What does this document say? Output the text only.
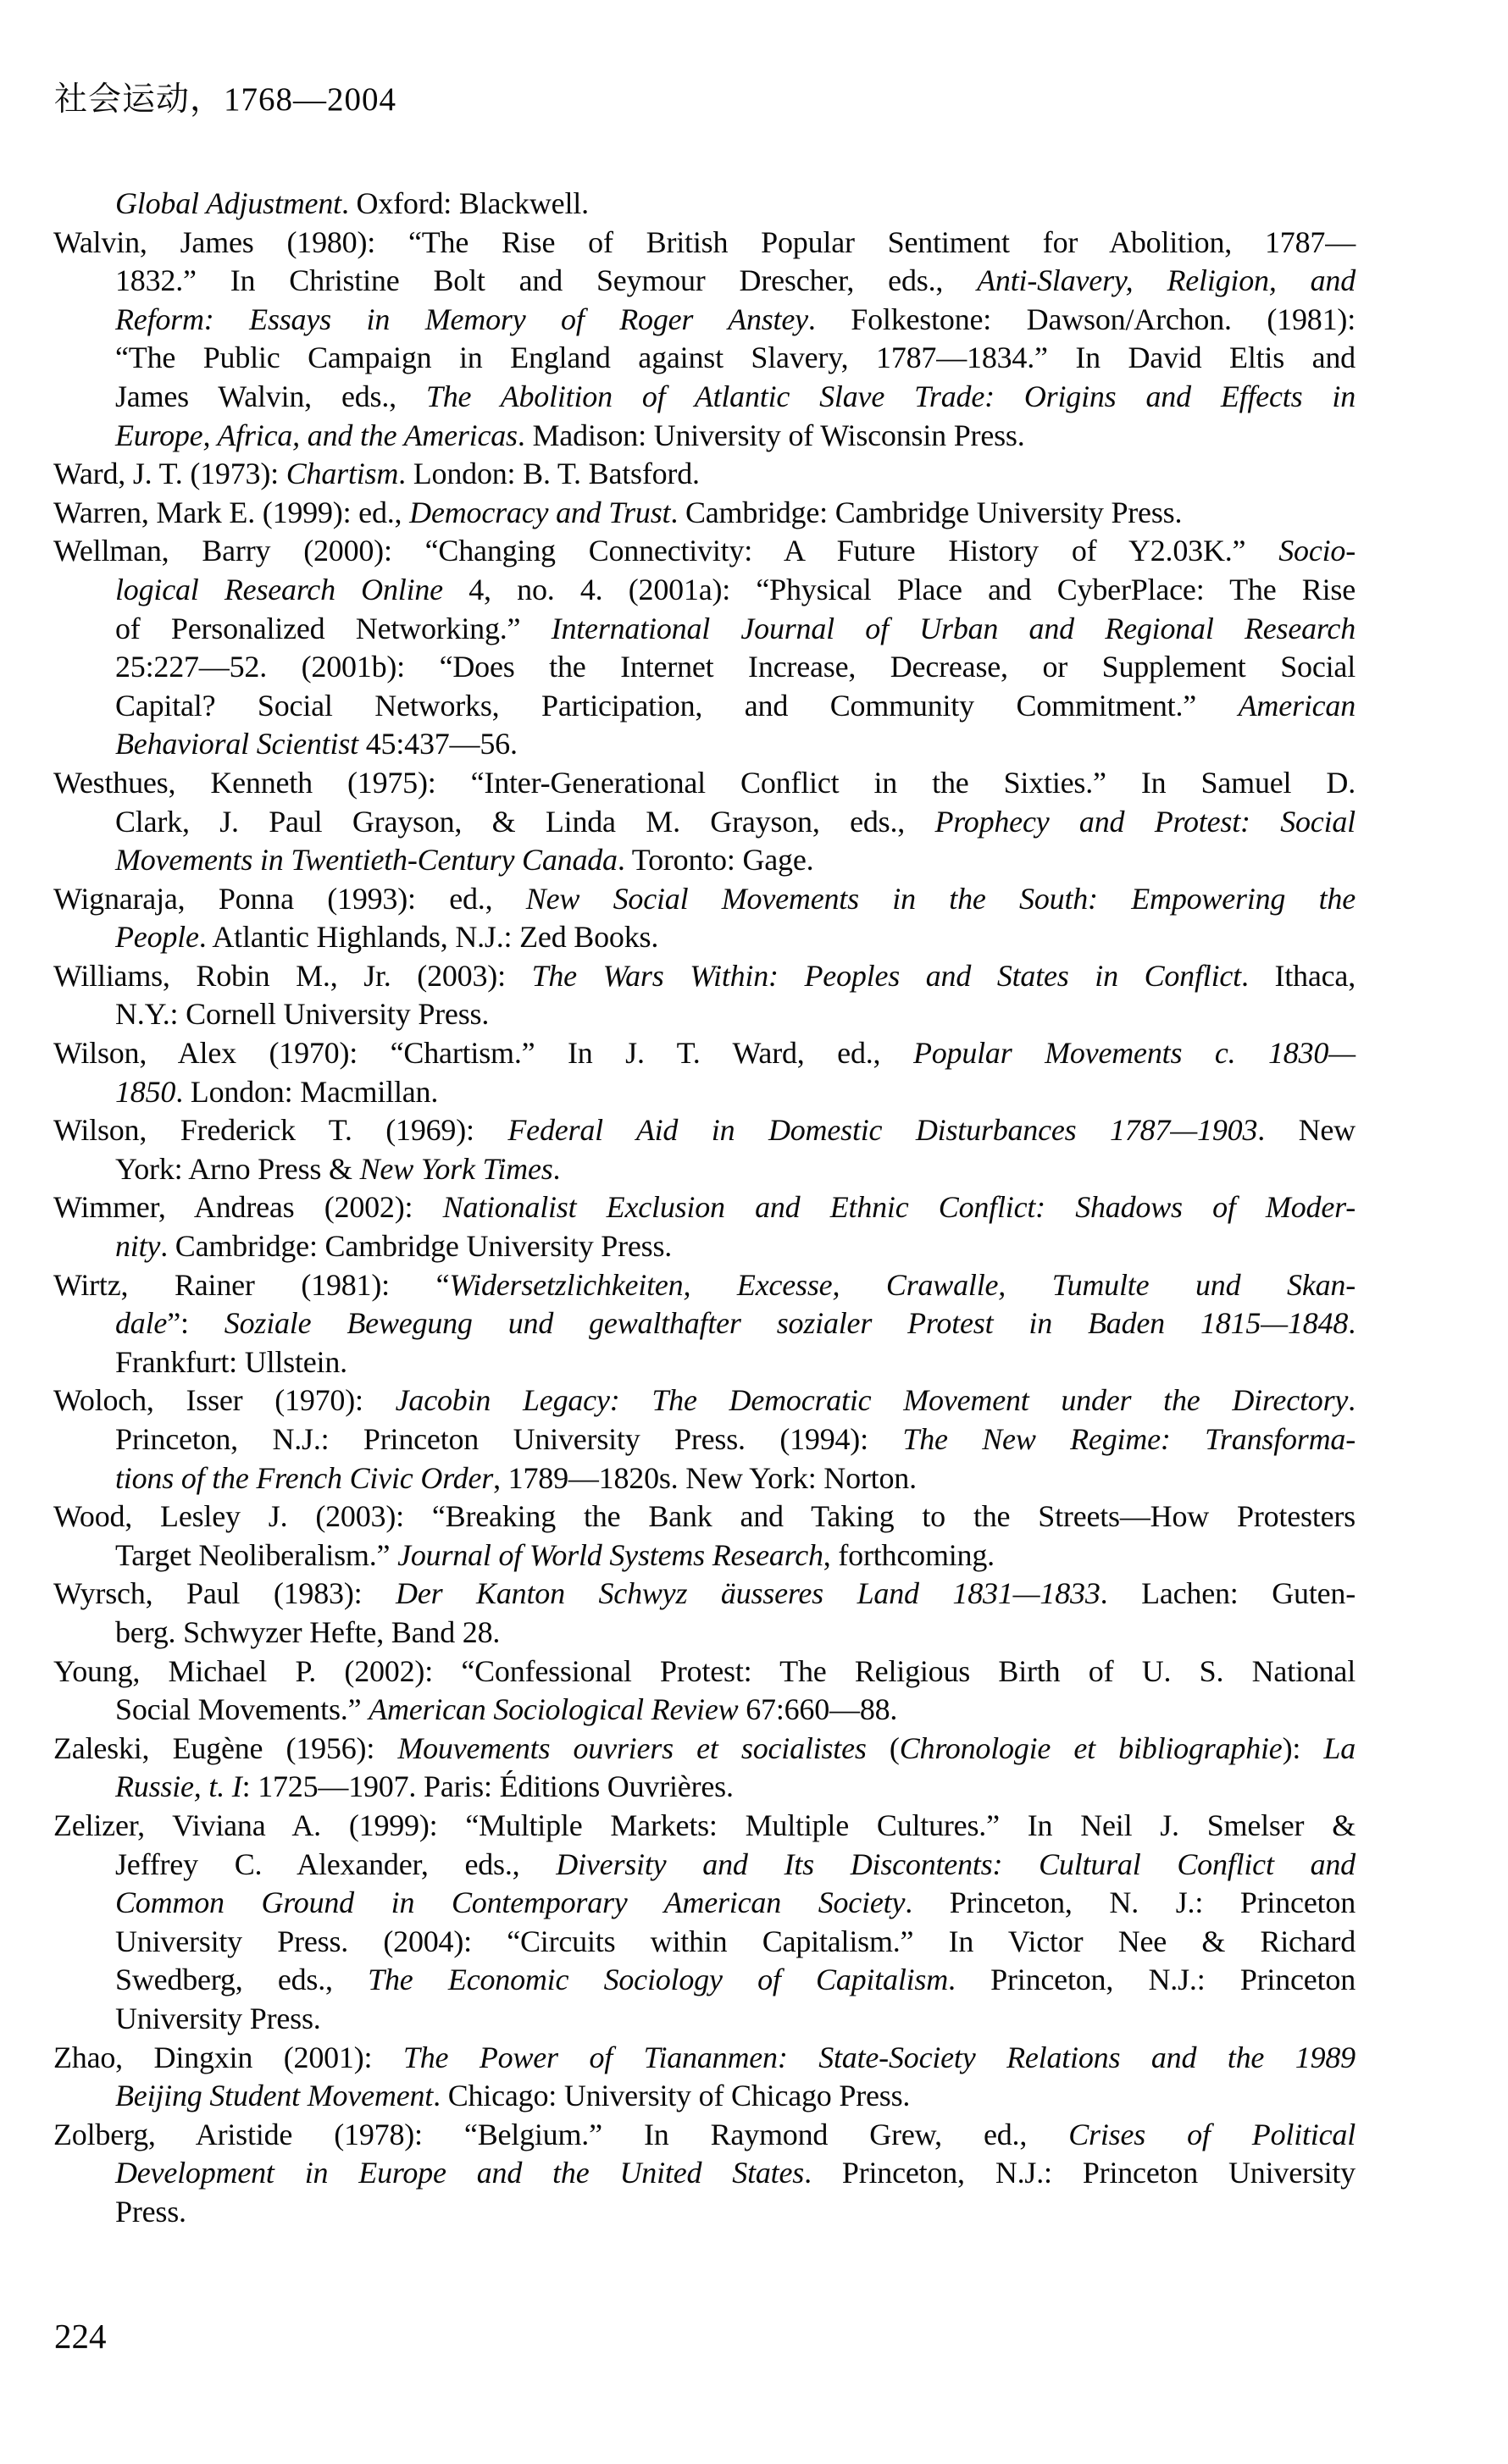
社会运动，1768—2004
Global Adjustment. Oxford: Blackwell.
Walvin, James (1980): “The Rise of British Popular Sentiment for Abolition, 1787—
1832.” In Christine Bolt and Seymour Drescher, eds., Anti-Slavery, Religion, and
Reform: Essays in Memory of Roger Anstey. Folkestone: Dawson/Archon. (1981):
“The Public Campaign in England against Slavery, 1787—1834.” In David Eltis and
James Walvin, eds., The Abolition of Atlantic Slave Trade: Origins and Effects in
Europe, Africa, and the Americas. Madison: University of Wisconsin Press.
Ward, J. T. (1973): Chartism. London: B. T. Batsford.
Warren, Mark E. (1999): ed., Democracy and Trust. Cambridge: Cambridge University Press.
Wellman, Barry (2000): “Changing Connectivity: A Future History of Y2.03K.” Socio-
logical Research Online 4, no. 4. (2001a): “Physical Place and CyberPlace: The Rise
of Personalized Networking.” International Journal of Urban and Regional Research
25:227—52. (2001b): “Does the Internet Increase, Decrease, or Supplement Social
Capital? Social Networks, Participation, and Community Commitment.” American
Behavioral Scientist 45:437—56.
Westhues, Kenneth (1975): “Inter-Generational Conflict in the Sixties.” In Samuel D.
Clark, J. Paul Grayson, & Linda M. Grayson, eds., Prophecy and Protest: Social
Movements in Twentieth-Century Canada. Toronto: Gage.
Wignaraja, Ponna (1993): ed., New Social Movements in the South: Empowering the
People. Atlantic Highlands, N.J.: Zed Books.
Williams, Robin M., Jr. (2003): The Wars Within: Peoples and States in Conflict. Ithaca,
N.Y.: Cornell University Press.
Wilson, Alex (1970): “Chartism.” In J. T. Ward, ed., Popular Movements c. 1830—
1850. London: Macmillan.
Wilson, Frederick T. (1969): Federal Aid in Domestic Disturbances 1787—1903. New
York: Arno Press & New York Times.
Wimmer, Andreas (2002): Nationalist Exclusion and Ethnic Conflict: Shadows of Moder-
nity. Cambridge: Cambridge University Press.
Wirtz, Rainer (1981): “Widersetzlichkeiten, Excesse, Crawalle, Tumulte und Skan-
dale”: Soziale Bewegung und gewalthafter sozialer Protest in Baden 1815—1848.
Frankfurt: Ullstein.
Woloch, Isser (1970): Jacobin Legacy: The Democratic Movement under the Directory.
Princeton, N.J.: Princeton University Press. (1994): The New Regime: Transforma-
tions of the French Civic Order, 1789—1820s. New York: Norton.
Wood, Lesley J. (2003): “Breaking the Bank and Taking to the Streets—How Protesters
Target Neoliberalism.” Journal of World Systems Research, forthcoming.
Wyrsch, Paul (1983): Der Kanton Schwyz äusseres Land 1831—1833. Lachen: Guten-
berg. Schwyzer Hefte, Band 28.
Young, Michael P. (2002): “Confessional Protest: The Religious Birth of U. S. National
Social Movements.” American Sociological Review 67:660—88.
Zaleski, Eugène (1956): Mouvements ouvriers et socialistes (Chronologie et bibliographie): La
Russie, t. I: 1725—1907. Paris: Éditions Ouvrières.
Zelizer, Viviana A. (1999): “Multiple Markets: Multiple Cultures.” In Neil J. Smelser &
Jeffrey C. Alexander, eds., Diversity and Its Discontents: Cultural Conflict and
Common Ground in Contemporary American Society. Princeton, N. J.: Princeton
University Press. (2004): “Circuits within Capitalism.” In Victor Nee & Richard
Swedberg, eds., The Economic Sociology of Capitalism. Princeton, N.J.: Princeton
University Press.
Zhao, Dingxin (2001): The Power of Tiananmen: State-Society Relations and the 1989
Beijing Student Movement. Chicago: University of Chicago Press.
Zolberg, Aristide (1978): “Belgium.” In Raymond Grew, ed., Crises of Political
Development in Europe and the United States. Princeton, N.J.: Princeton University
Press.
224
